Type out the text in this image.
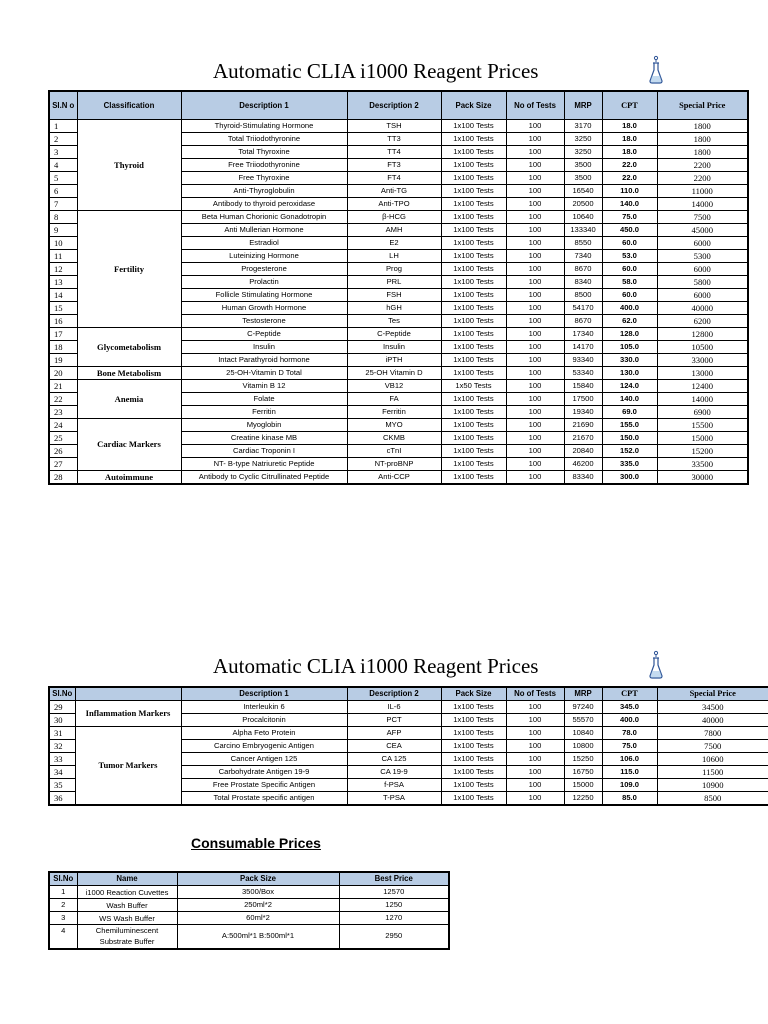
Automatic CLIA i1000 Reagent Prices
Sl.N o	Classification	Description 1	Description 2	Pack Size	No of Tests	MRP	CPT	Special Price
1	Thyroid	Thyroid-Stimulating Hormone	TSH	1x100 Tests	100	3170	18.0	1800
2		Total Triiodothyronine	TT3	1x100 Tests	100	3250	18.0	1800
3		Total Thyroxine	TT4	1x100 Tests	100	3250	18.0	1800
4		Free Triiodothyronine	FT3	1x100 Tests	100	3500	22.0	2200
5		Free Thyroxine	FT4	1x100 Tests	100	3500	22.0	2200
6		Anti-Thyroglobulin	Anti-TG	1x100 Tests	100	16540	110.0	11000
7		Antibody to thyroid peroxidase	Anti-TPO	1x100 Tests	100	20500	140.0	14000
8	Fertility	Beta Human Chorionic Gonadotropin	β-HCG	1x100 Tests	100	10640	75.0	7500
9		Anti Mullerian Hormone	AMH	1x100 Tests	100	133340	450.0	45000
10		Estradiol	E2	1x100 Tests	100	8550	60.0	6000
11		Luteinizing Hormone	LH	1x100 Tests	100	7340	53.0	5300
12		Progesterone	Prog	1x100 Tests	100	8670	60.0	6000
13		Prolactin	PRL	1x100 Tests	100	8340	58.0	5800
14		Follicle Stimulating Hormone	FSH	1x100 Tests	100	8500	60.0	6000
15		Human Growth Hormone	hGH	1x100 Tests	100	54170	400.0	40000
16		Testosterone	Tes	1x100 Tests	100	8670	62.0	6200
17	Glycometabolism	C-Peptide	C-Peptide	1x100 Tests	100	17340	128.0	12800
18		Insulin	Insulin	1x100 Tests	100	14170	105.0	10500
19		Intact Parathyroid hormone	iPTH	1x100 Tests	100	93340	330.0	33000
20	Bone Metabolism	25-OH-Vitamin D Total	25-OH Vitamin D	1x100 Tests	100	53340	130.0	13000
21	Anemia	Vitamin B 12	VB12	1x50 Tests	100	15840	124.0	12400
22		Folate	FA	1x100 Tests	100	17500	140.0	14000
23		Ferritin	Ferritin	1x100 Tests	100	19340	69.0	6900
24	Cardiac Markers	Myoglobin	MYO	1x100 Tests	100	21690	155.0	15500
25		Creatine kinase MB	CKMB	1x100 Tests	100	21670	150.0	15000
26		Cardiac Troponin I	cTnI	1x100 Tests	100	20840	152.0	15200
27		NT- B-type Natriuretic Peptide	NT-proBNP	1x100 Tests	100	46200	335.0	33500
28	Autoimmune	Antibody to Cyclic Citrullinated Peptide	Anti-CCP	1x100 Tests	100	83340	300.0	30000
Automatic CLIA i1000 Reagent Prices
Sl.No		Description 1	Description 2	Pack Size	No of Tests	MRP	CPT	Special Price
29	Inflammation Markers	Interleukin 6	IL-6	1x100 Tests	100	97240	345.0	34500
30		Procalcitonin	PCT	1x100 Tests	100	55570	400.0	40000
31	Tumor Markers	Alpha Feto Protein	AFP	1x100 Tests	100	10840	78.0	7800
32		Carcino Embryogenic Antigen	CEA	1x100 Tests	100	10800	75.0	7500
33		Cancer Antigen 125	CA 125	1x100 Tests	100	15250	106.0	10600
34		Carbohydrate Antigen 19-9	CA 19-9	1x100 Tests	100	16750	115.0	11500
35		Free Prostate Specific Antigen	f-PSA	1x100 Tests	100	15000	109.0	10900
36		Total Prostate specific antigen	T-PSA	1x100 Tests	100	12250	85.0	8500
Consumable Prices
Sl.No	Name	Pack Size	Best Price
1	i1000 Reaction Cuvettes	3500/Box	12570
2	Wash Buffer	250ml*2	1250
3	WS Wash Buffer	60ml*2	1270
4	Chemiluminescent Substrate Buffer	A:500ml*1 B:500ml*1	2950
